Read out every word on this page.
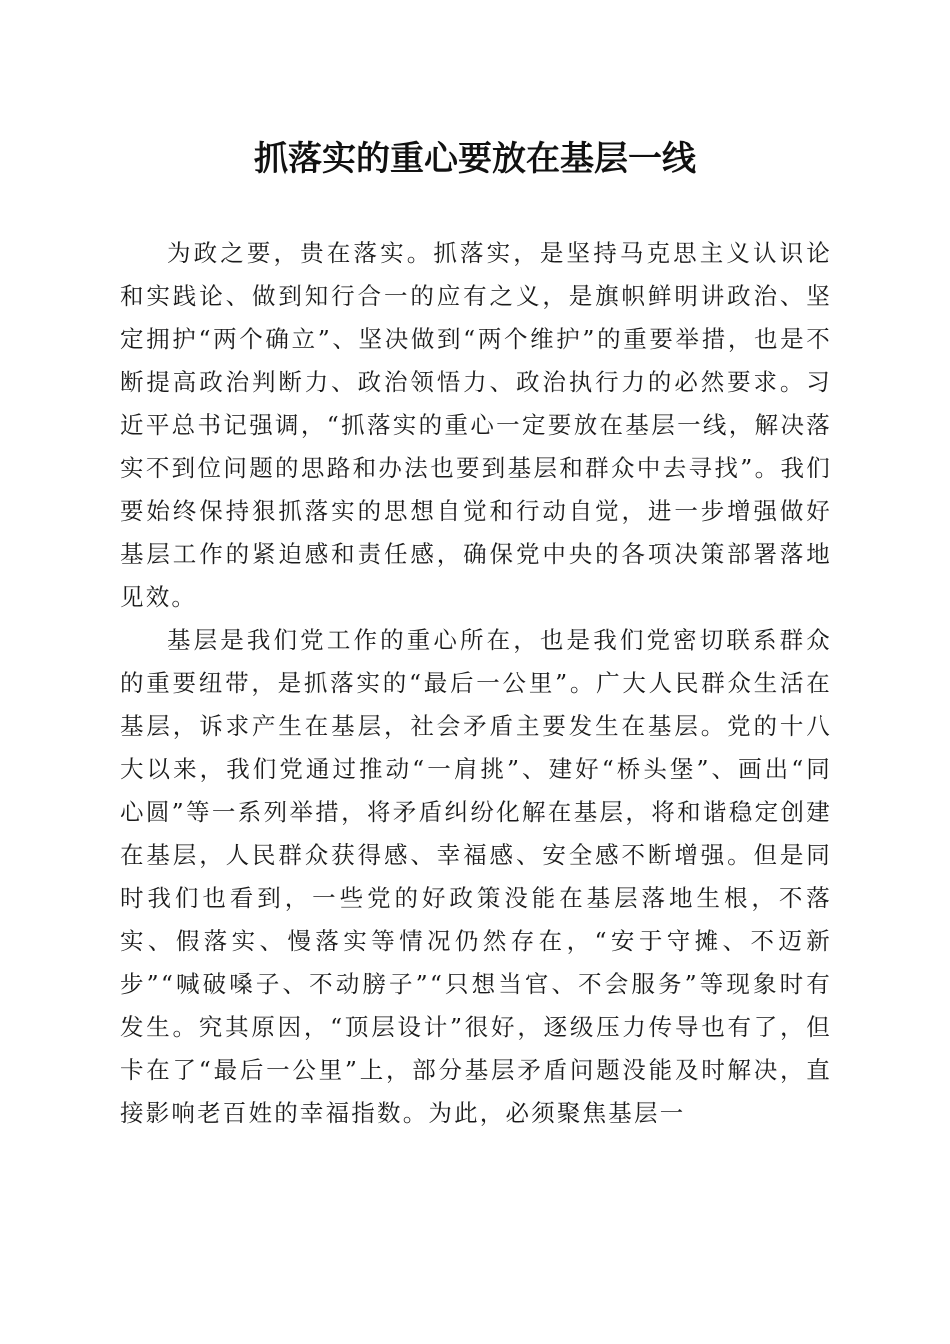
抓落实的重心要放在基层一线

为政之要，贵在落实。抓落实，是坚持马克思主义认识论和实践论、做到知行合一的应有之义，是旗帜鲜明讲政治、坚定拥护“两个确立”、坚决做到“两个维护”的重要举措，也是不断提高政治判断力、政治领悟力、政治执行力的必然要求。习近平总书记强调，“抓落实的重心一定要放在基层一线，解决落实不到位问题的思路和办法也要到基层和群众中去寻找”。我们要始终保持狠抓落实的思想自觉和行动自觉，进一步增强做好基层工作的紧迫感和责任感，确保党中央的各项决策部署落地见效。

基层是我们党工作的重心所在，也是我们党密切联系群众的重要纽带，是抓落实的“最后一公里”。广大人民群众生活在基层，诉求产生在基层，社会矛盾主要发生在基层。党的十八大以来，我们党通过推动“一肩挑”、建好“桥头堡”、画出“同心圆”等一系列举措，将矛盾纠纷化解在基层，将和谐稳定创建在基层，人民群众获得感、幸福感、安全感不断增强。但是同时我们也看到，一些党的好政策没能在基层落地生根，不落实、假落实、慢落实等情况仍然存在，“安于守摊、不迈新步”“喊破嗓子、不动膀子”“只想当官、不会服务”等现象时有发生。究其原因，“顶层设计”很好，逐级压力传导也有了，但卡在了“最后一公里”上，部分基层矛盾问题没能及时解决，直接影响老百姓的幸福指数。为此，必须聚焦基层一
